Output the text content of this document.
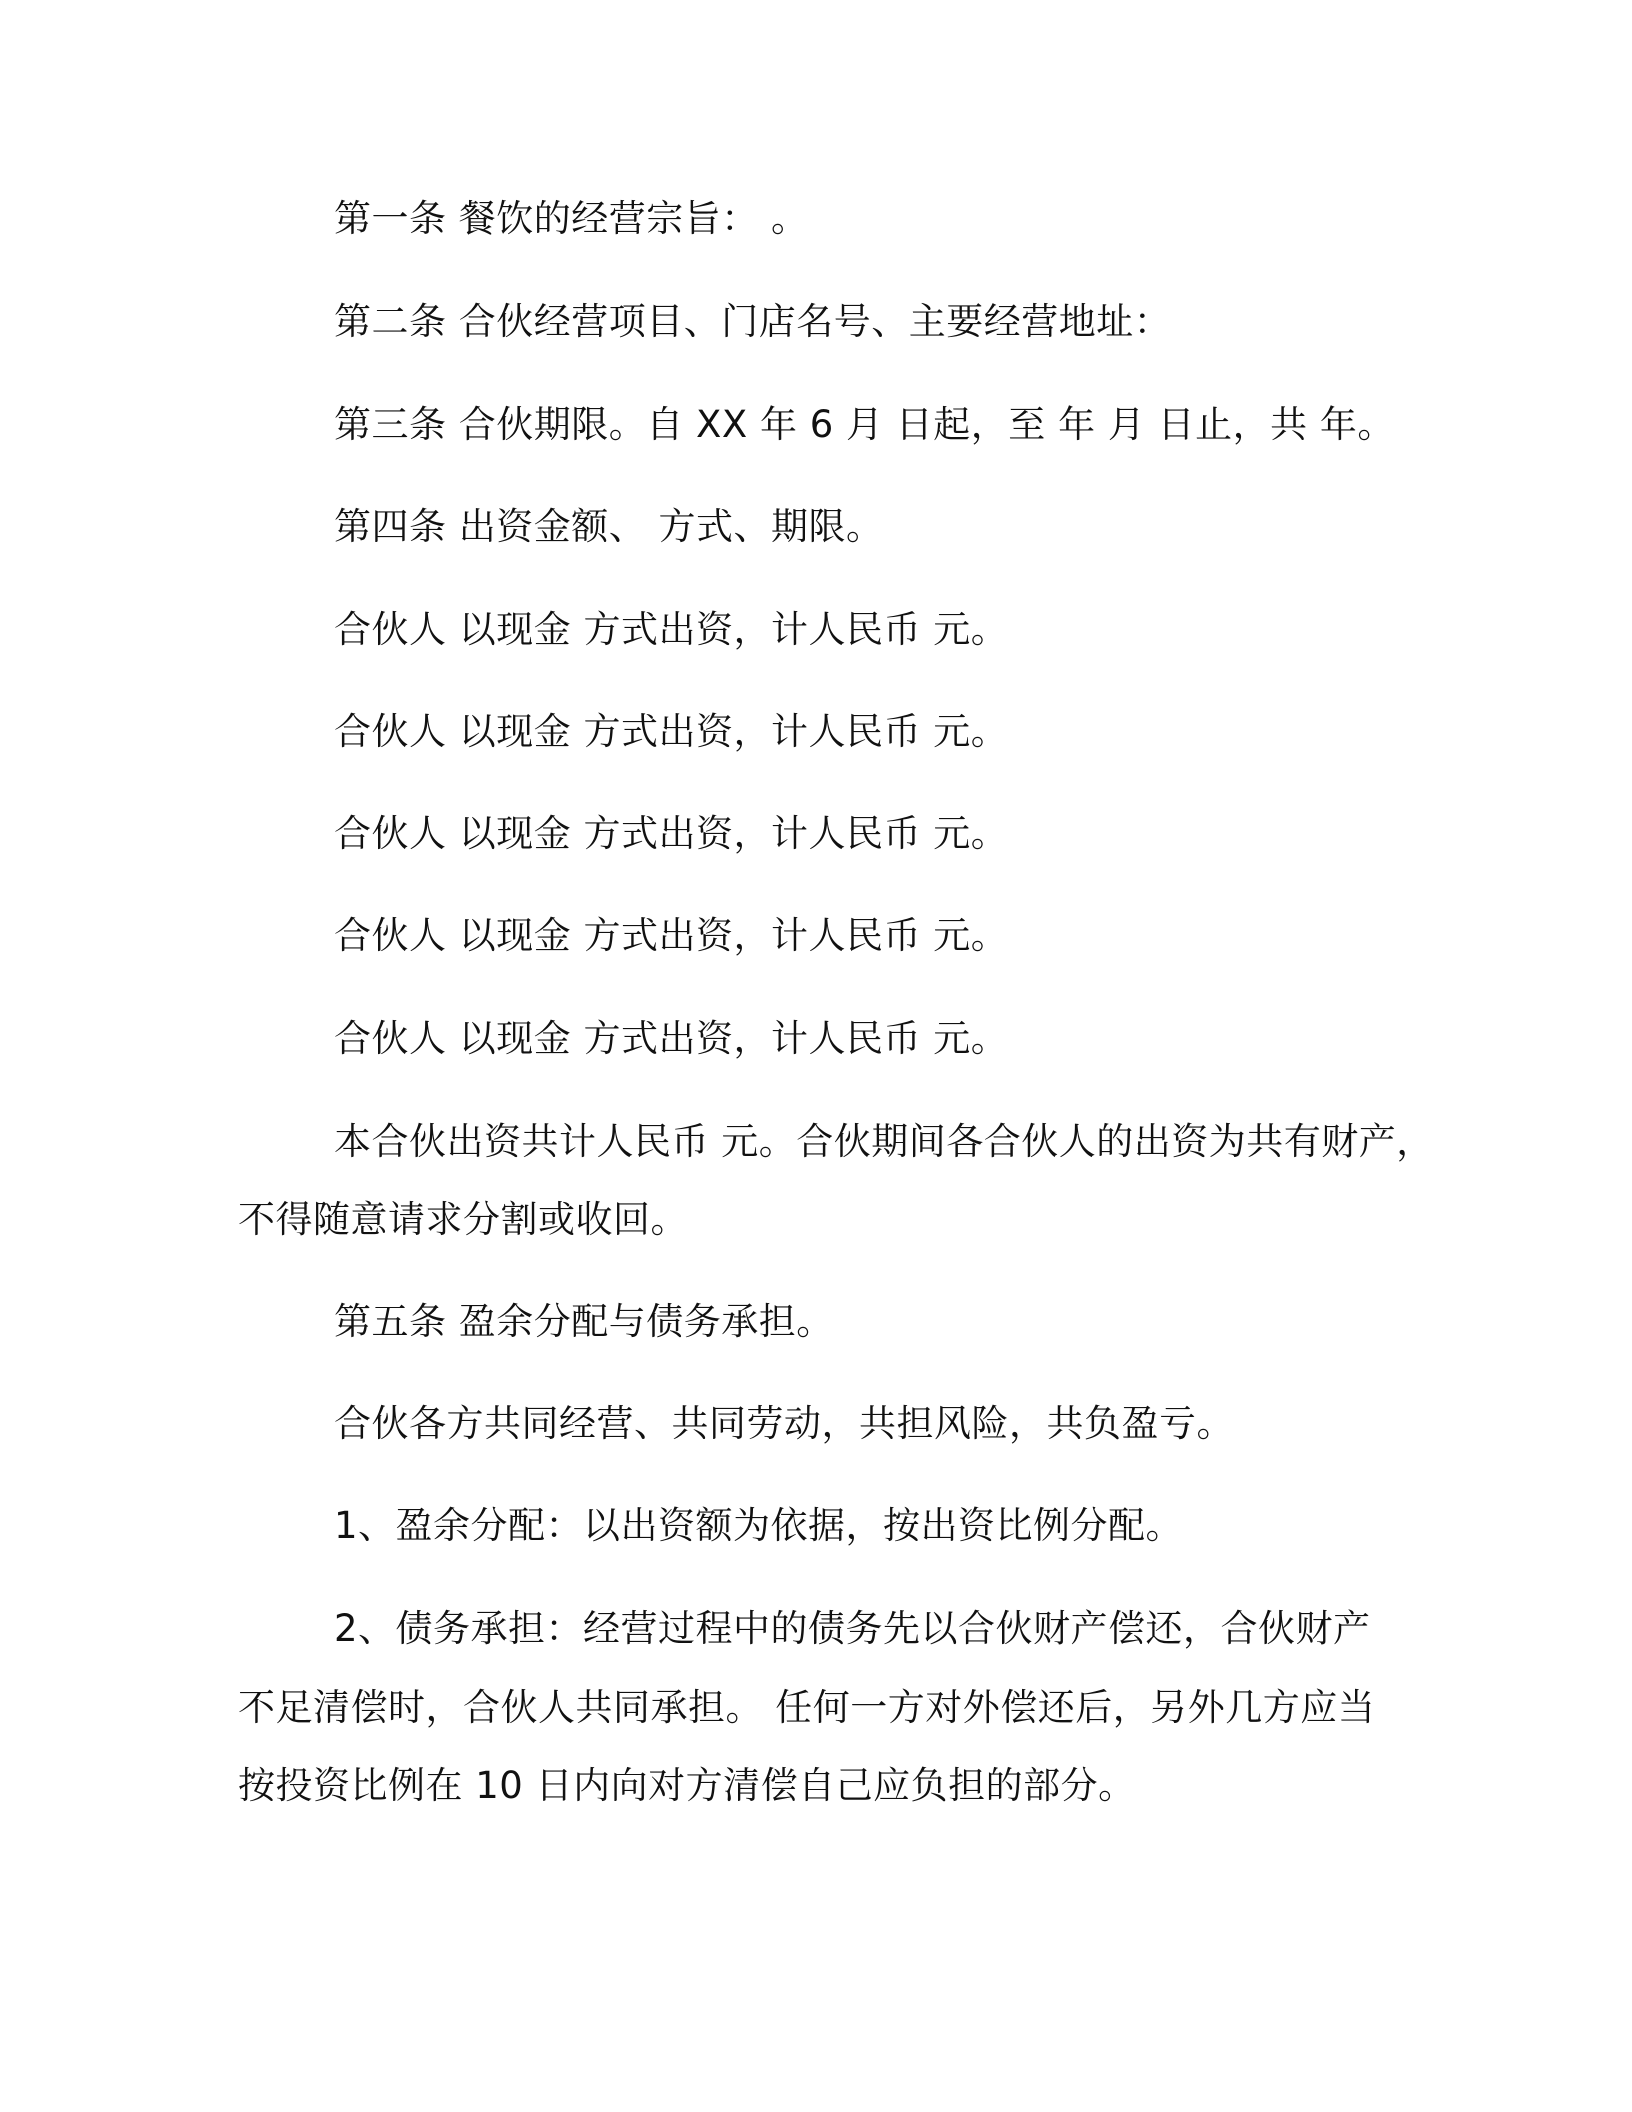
第一条 餐饮的经营宗旨： 。
第二条 合伙经营项目、门店名号、主要经营地址：
第三条 合伙期限。自 XX 年 6 月 日起，至 年 月 日止，共 年。
第四条 出资金额、 方式、期限。
合伙人 以现金 方式出资，计人民币 元。
合伙人 以现金 方式出资，计人民币 元。
合伙人 以现金 方式出资，计人民币 元。
合伙人 以现金 方式出资，计人民币 元。
合伙人 以现金 方式出资，计人民币 元。
本合伙出资共计人民币 元。合伙期间各合伙人的出资为共有财产，
不得随意请求分割或收回。
第五条 盈余分配与债务承担。
合伙各方共同经营、共同劳动，共担风险，共负盈亏。
1、盈余分配：以出资额为依据，按出资比例分配。
2、债务承担：经营过程中的债务先以合伙财产偿还，合伙财产
不足清偿时，合伙人共同承担。 任何一方对外偿还后，另外几方应当
按投资比例在 10 日内向对方清偿自己应负担的部分。
